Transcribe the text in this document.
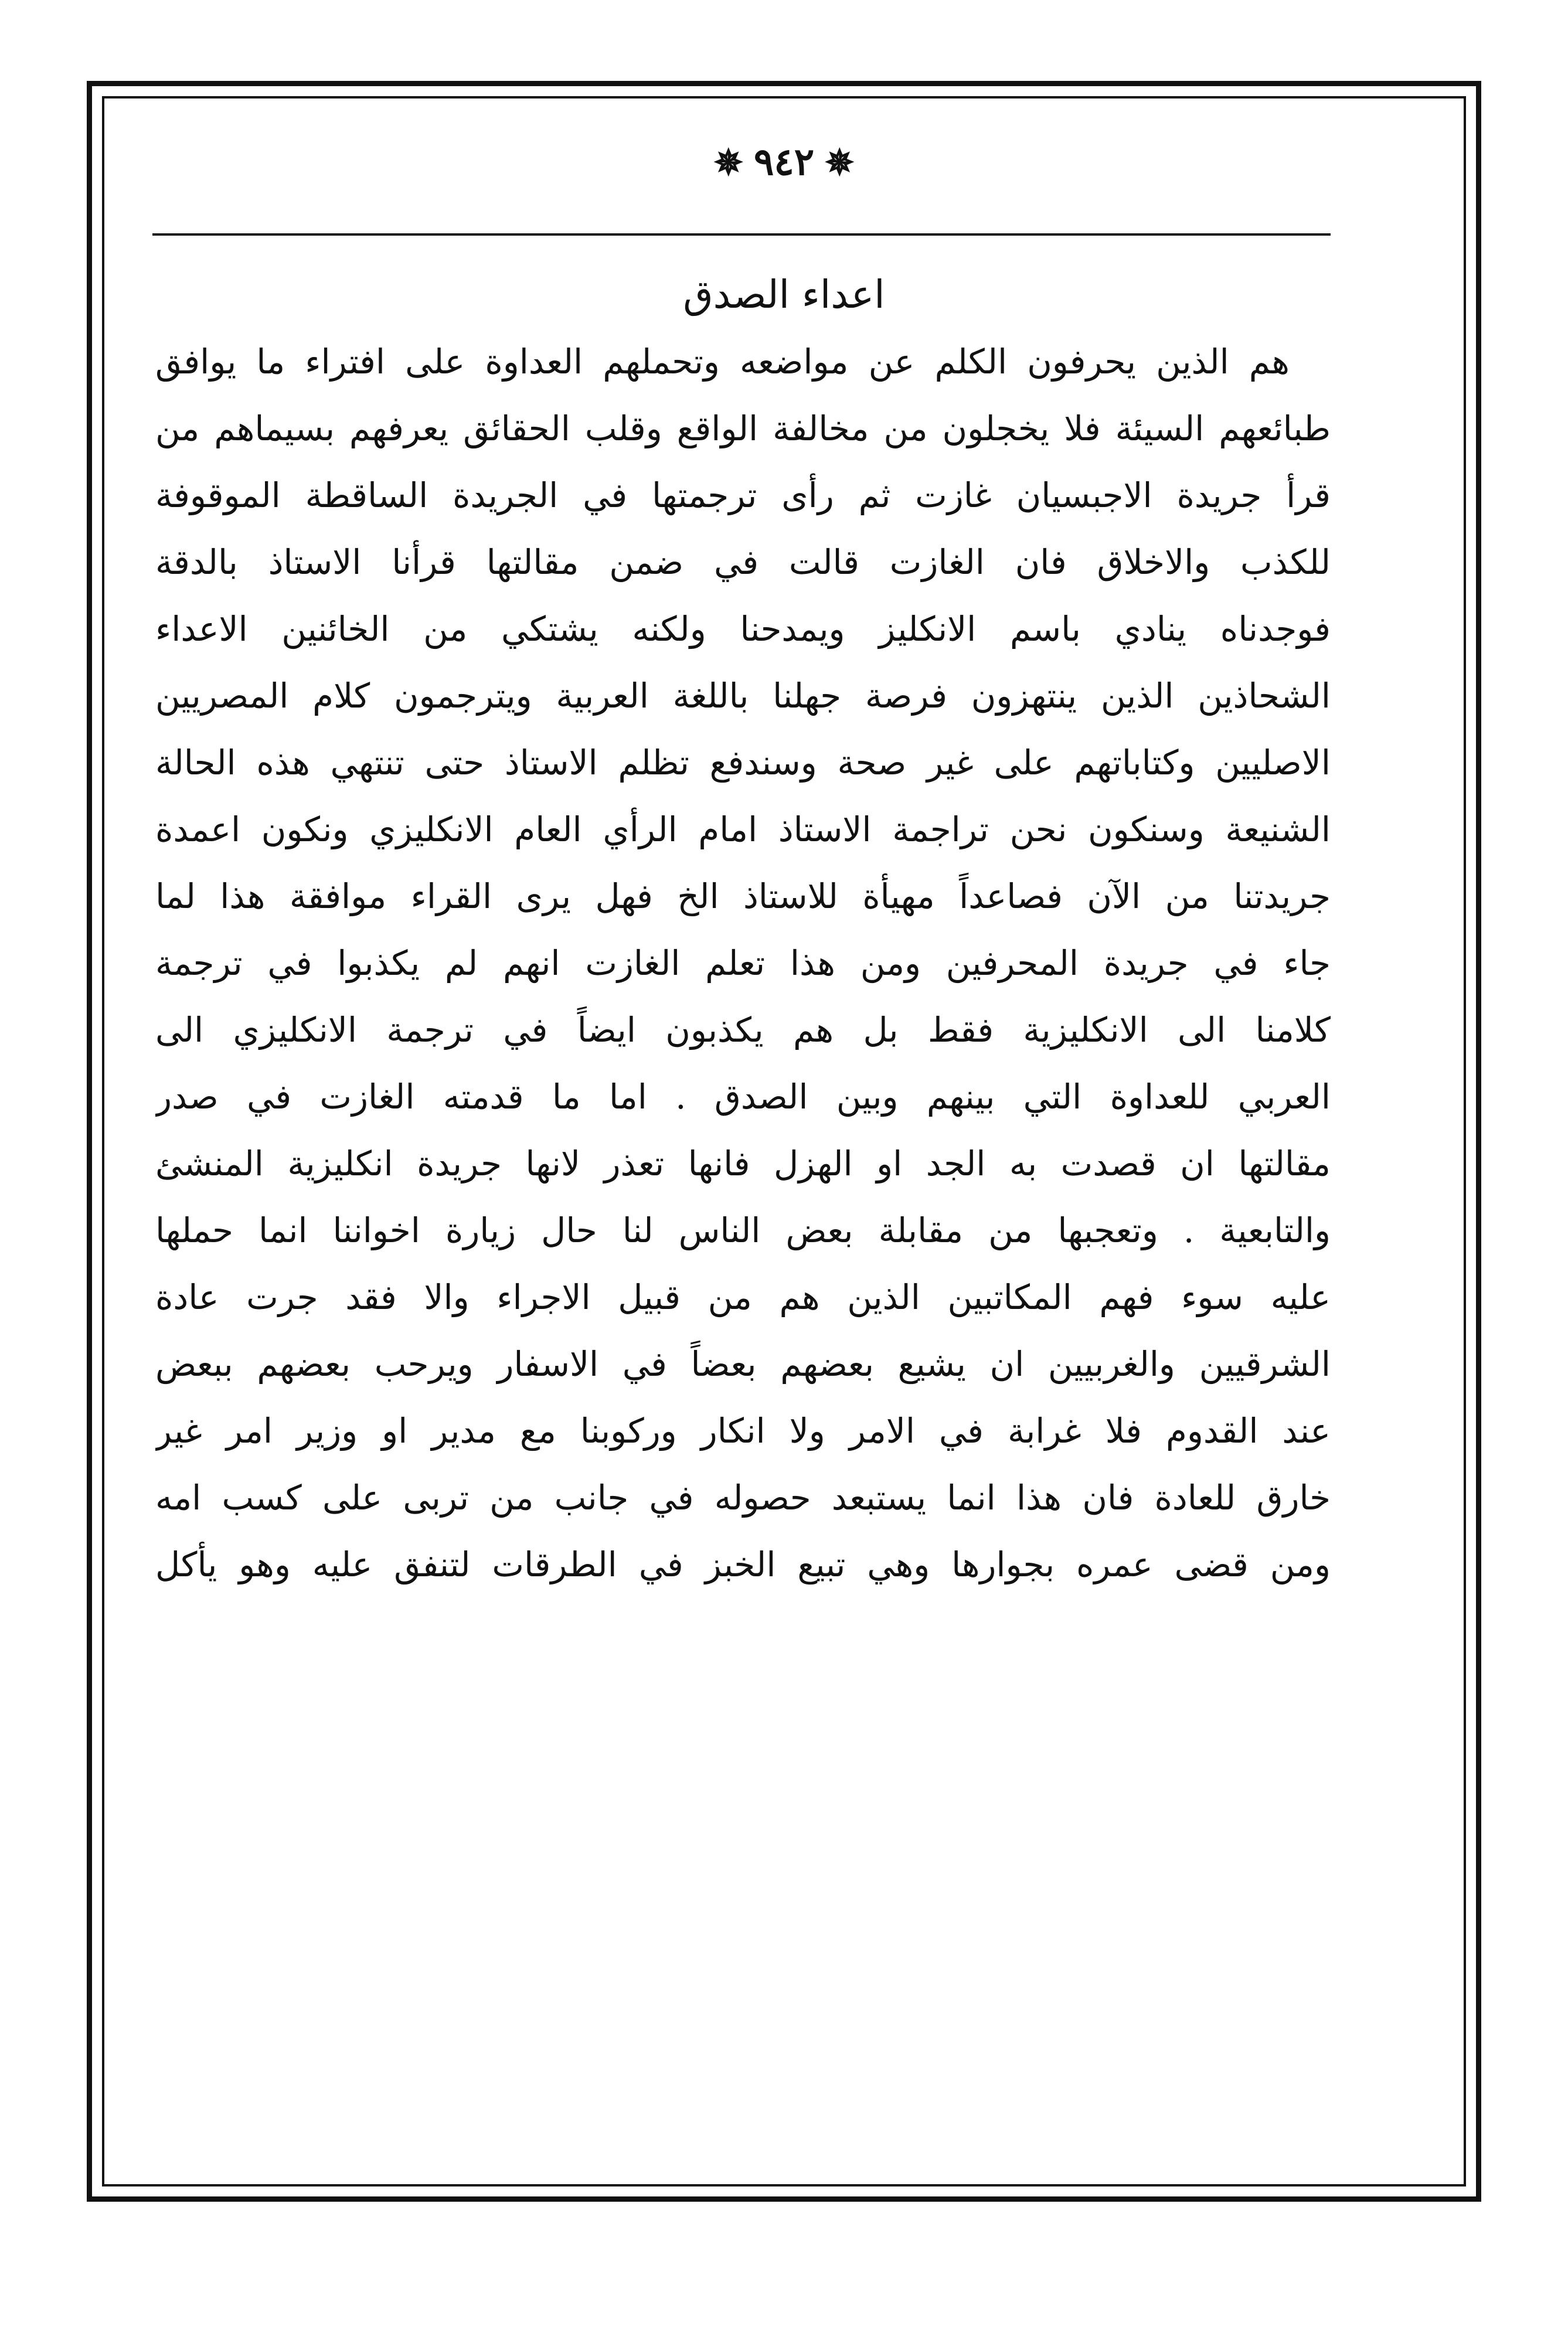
✵ ٩٤٢ ✵
اعداء الصدق
هم الذين يحرفون الكلم عن مواضعه وتحملهم العداوة على افتراء ما يوافق
طبائعهم السيئة فلا يخجلون من مخالفة الواقع وقلب الحقائق يعرفهم بسيماهم من
قرأ جريدة الاجبسيان غازت ثم رأى ترجمتها في الجريدة الساقطة الموقوفة
للكذب والاخلاق فان الغازت قالت في ضمن مقالتها قرأنا الاستاذ بالدقة
فوجدناه ينادي باسم الانكليز ويمدحنا ولكنه يشتكي من الخائنين الاعداء
الشحاذين الذين ينتهزون فرصة جهلنا باللغة العربية ويترجمون كلام المصريين
الاصليين وكتاباتهم على غير صحة وسندفع تظلم الاستاذ حتى تنتهي هذه الحالة
الشنيعة وسنكون نحن تراجمة الاستاذ امام الرأي العام الانكليزي ونكون اعمدة
جريدتنا من الآن فصاعداً مهيأة للاستاذ الخ فهل يرى القراء موافقة هذا لما
جاء في جريدة المحرفين ومن هذا تعلم الغازت انهم لم يكذبوا في ترجمة
كلامنا الى الانكليزية فقط بل هم يكذبون ايضاً في ترجمة الانكليزي الى
العربي للعداوة التي بينهم وبين الصدق . اما ما قدمته الغازت في صدر
مقالتها ان قصدت به الجد او الهزل فانها تعذر لانها جريدة انكليزية المنشئ
والتابعية . وتعجبها من مقابلة بعض الناس لنا حال زيارة اخواننا انما حملها
عليه سوء فهم المكاتبين الذين هم من قبيل الاجراء والا فقد جرت عادة
الشرقيين والغربيين ان يشيع بعضهم بعضاً في الاسفار ويرحب بعضهم ببعض
عند القدوم فلا غرابة في الامر ولا انكار وركوبنا مع مدير او وزير امر غير
خارق للعادة فان هذا انما يستبعد حصوله في جانب من تربى على كسب امه
ومن قضى عمره بجوارها وهي تبيع الخبز في الطرقات لتنفق عليه وهو يأكل
